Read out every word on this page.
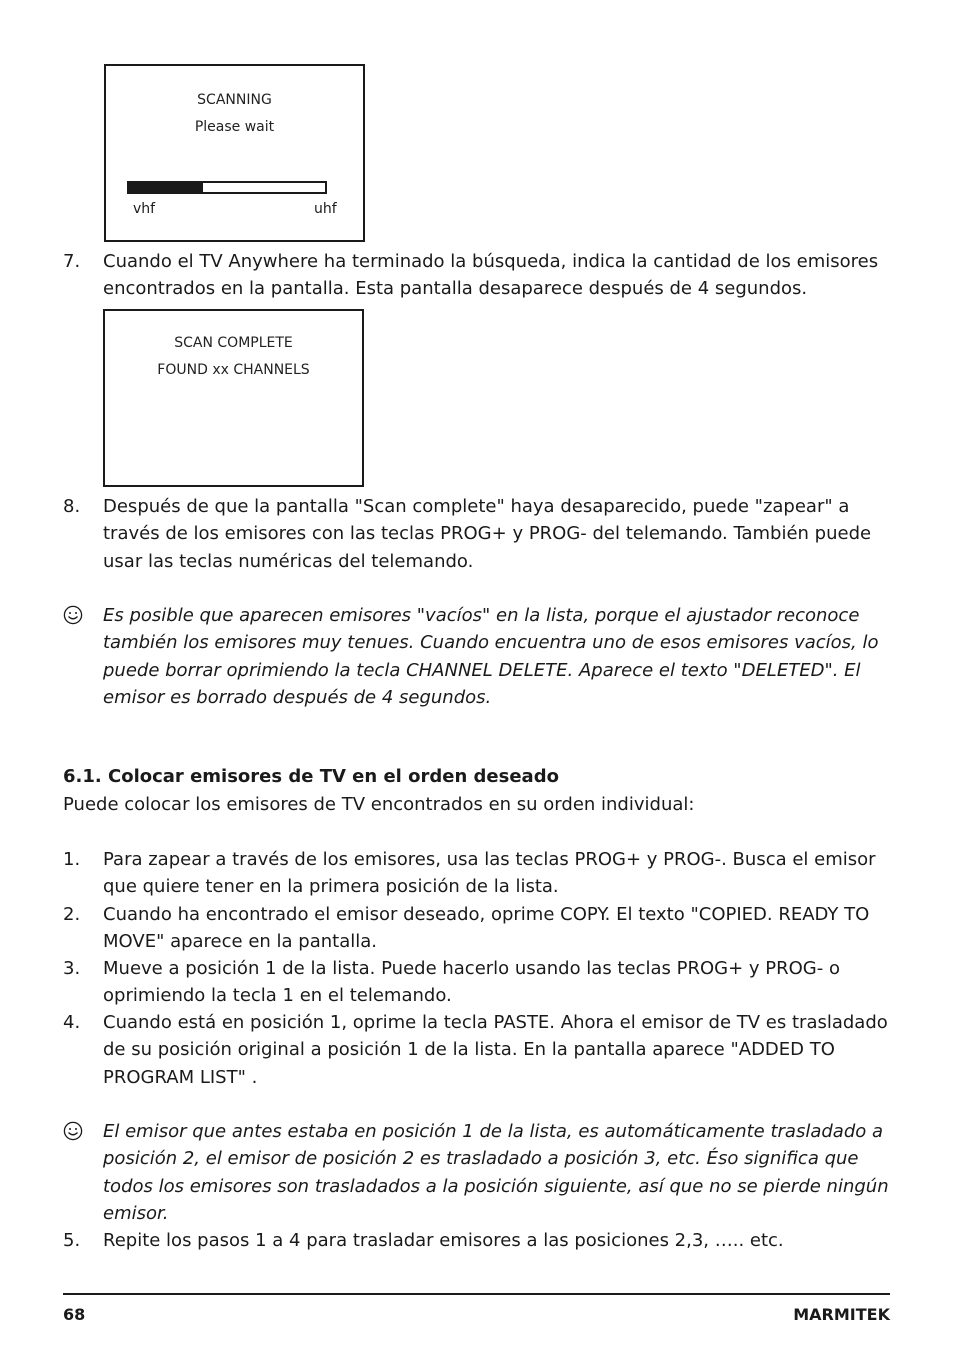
SCANNING
Please wait
vhf	uhf
7.	Cuando el TV Anywhere ha terminado la búsqueda, indica la cantidad de los emisores encontrados en la pantalla. Esta pantalla desaparece después de 4 segundos.
SCAN COMPLETE
FOUND xx CHANNELS
8.	Después de que la pantalla "Scan complete" haya desaparecido, puede "zapear" a través de los emisores con las teclas PROG+ y PROG- del telemando. También puede usar las teclas numéricas del telemando.
Es posible que aparecen emisores "vacíos" en la lista, porque el ajustador reconoce también los emisores muy tenues. Cuando encuentra uno de esos emisores vacíos, lo puede borrar oprimiendo la tecla CHANNEL DELETE. Aparece el texto "DELETED". El emisor es borrado después de 4 segundos.
6.1. Colocar emisores de TV en el orden deseado
Puede colocar los emisores de TV encontrados en su orden individual:
1.	Para zapear a través de los emisores, usa las teclas PROG+ y PROG-. Busca el emisor que quiere tener en la primera posición de la lista.
2.	Cuando ha encontrado el emisor deseado, oprime COPY. El texto "COPIED. READY TO MOVE" aparece en la pantalla.
3.	Mueve a posición 1 de la lista. Puede hacerlo usando las teclas PROG+ y PROG- o oprimiendo la tecla 1 en el telemando.
4.	Cuando está en posición 1, oprime la tecla PASTE. Ahora el emisor de TV es trasladado de su posición original a posición 1 de la lista. En la pantalla aparece "ADDED TO PROGRAM LIST" .
El emisor que antes estaba en posición 1 de la lista, es automáticamente trasladado a posición 2, el emisor de posición 2 es trasladado a posición 3, etc. Éso significa que todos los emisores son trasladados a la posición siguiente, así que no se pierde ningún emisor.
5.	Repite los pasos 1 a 4 para trasladar emisores a las posiciones 2,3, ….. etc.
68	MARMITEK
